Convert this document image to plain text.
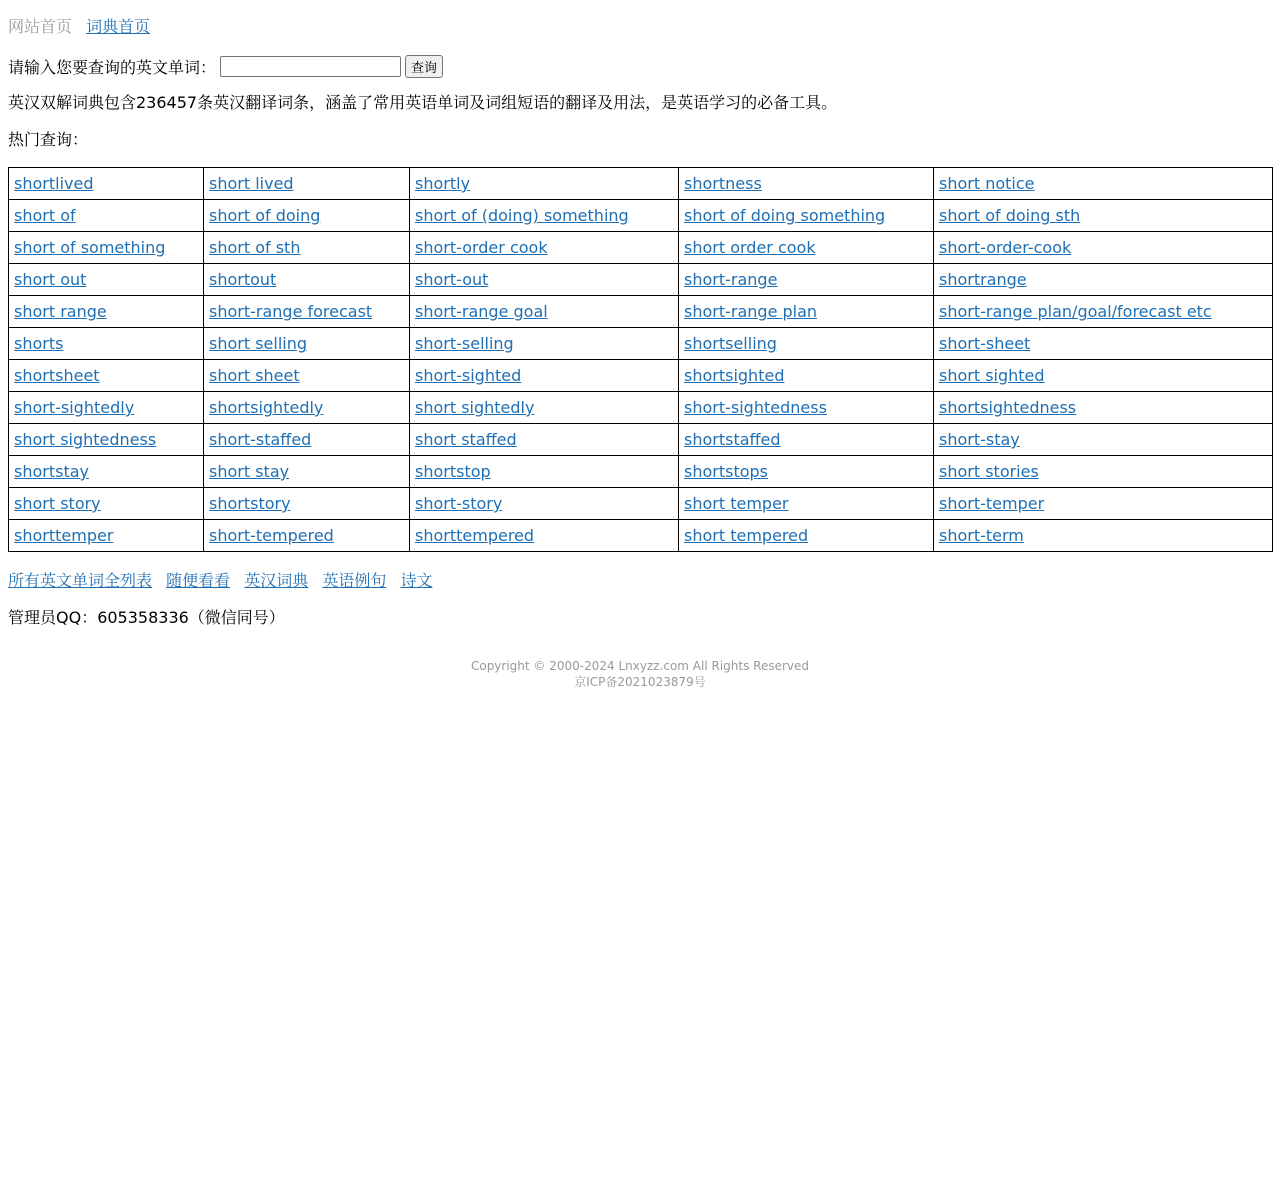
网站首页 词典首页
请输入您要查询的英文单词：	查询

英汉双解词典包含236457条英汉翻译词条，涵盖了常用英语单词及词组短语的翻译及用法，是英语学习的必备工具。

热门查询：

shortlived	short lived	shortly	shortness	short notice
short of	short of doing	short of (doing) something	short of doing something	short of doing sth
short of something	short of sth	short-order cook	short order cook	short-order-cook
short out	shortout	short-out	short-range	shortrange
short range	short-range forecast	short-range goal	short-range plan	short-range plan/goal/forecast etc
shorts	short selling	short-selling	shortselling	short-sheet
shortsheet	short sheet	short-sighted	shortsighted	short sighted
short-sightedly	shortsightedly	short sightedly	short-sightedness	shortsightedness
short sightedness	short-staffed	short staffed	shortstaffed	short-stay
shortstay	short stay	shortstop	shortstops	short stories
short story	shortstory	short-story	short temper	short-temper
shorttemper	short-tempered	shorttempered	short tempered	short-term
所有英文单词全列表 随便看看 英汉词典 英语例句 诗文

管理员QQ：605358336（微信同号）

Copyright © 2000-2024 Lnxyzz.com All Rights Reserved
京ICP备2021023879号
